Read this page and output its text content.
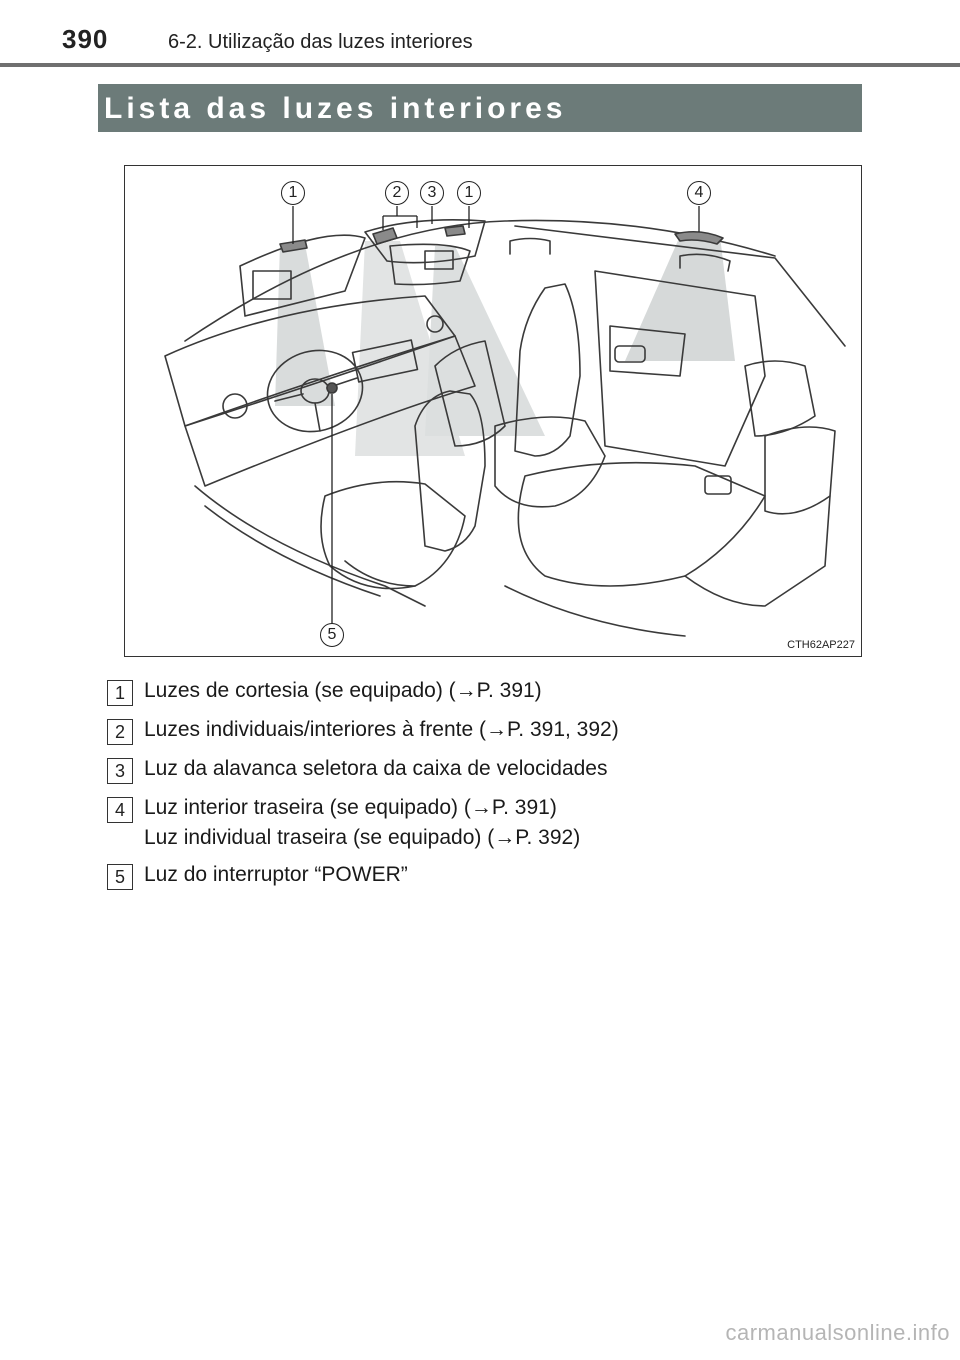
390	6-2. Utilização das luzes interiores
Lista das luzes interiores
1	2	3	1	4
5
CTH62AP227
1 Luzes de cortesia (se equipado) (→P. 391)
2 Luzes individuais/interiores à frente (→P. 391, 392)
3 Luz da alavanca seletora da caixa de velocidades
4 Luz interior traseira (se equipado) (→P. 391)
Luz individual traseira (se equipado) (→P. 392)
5 Luz do interruptor “POWER”
carmanualsonline.info
